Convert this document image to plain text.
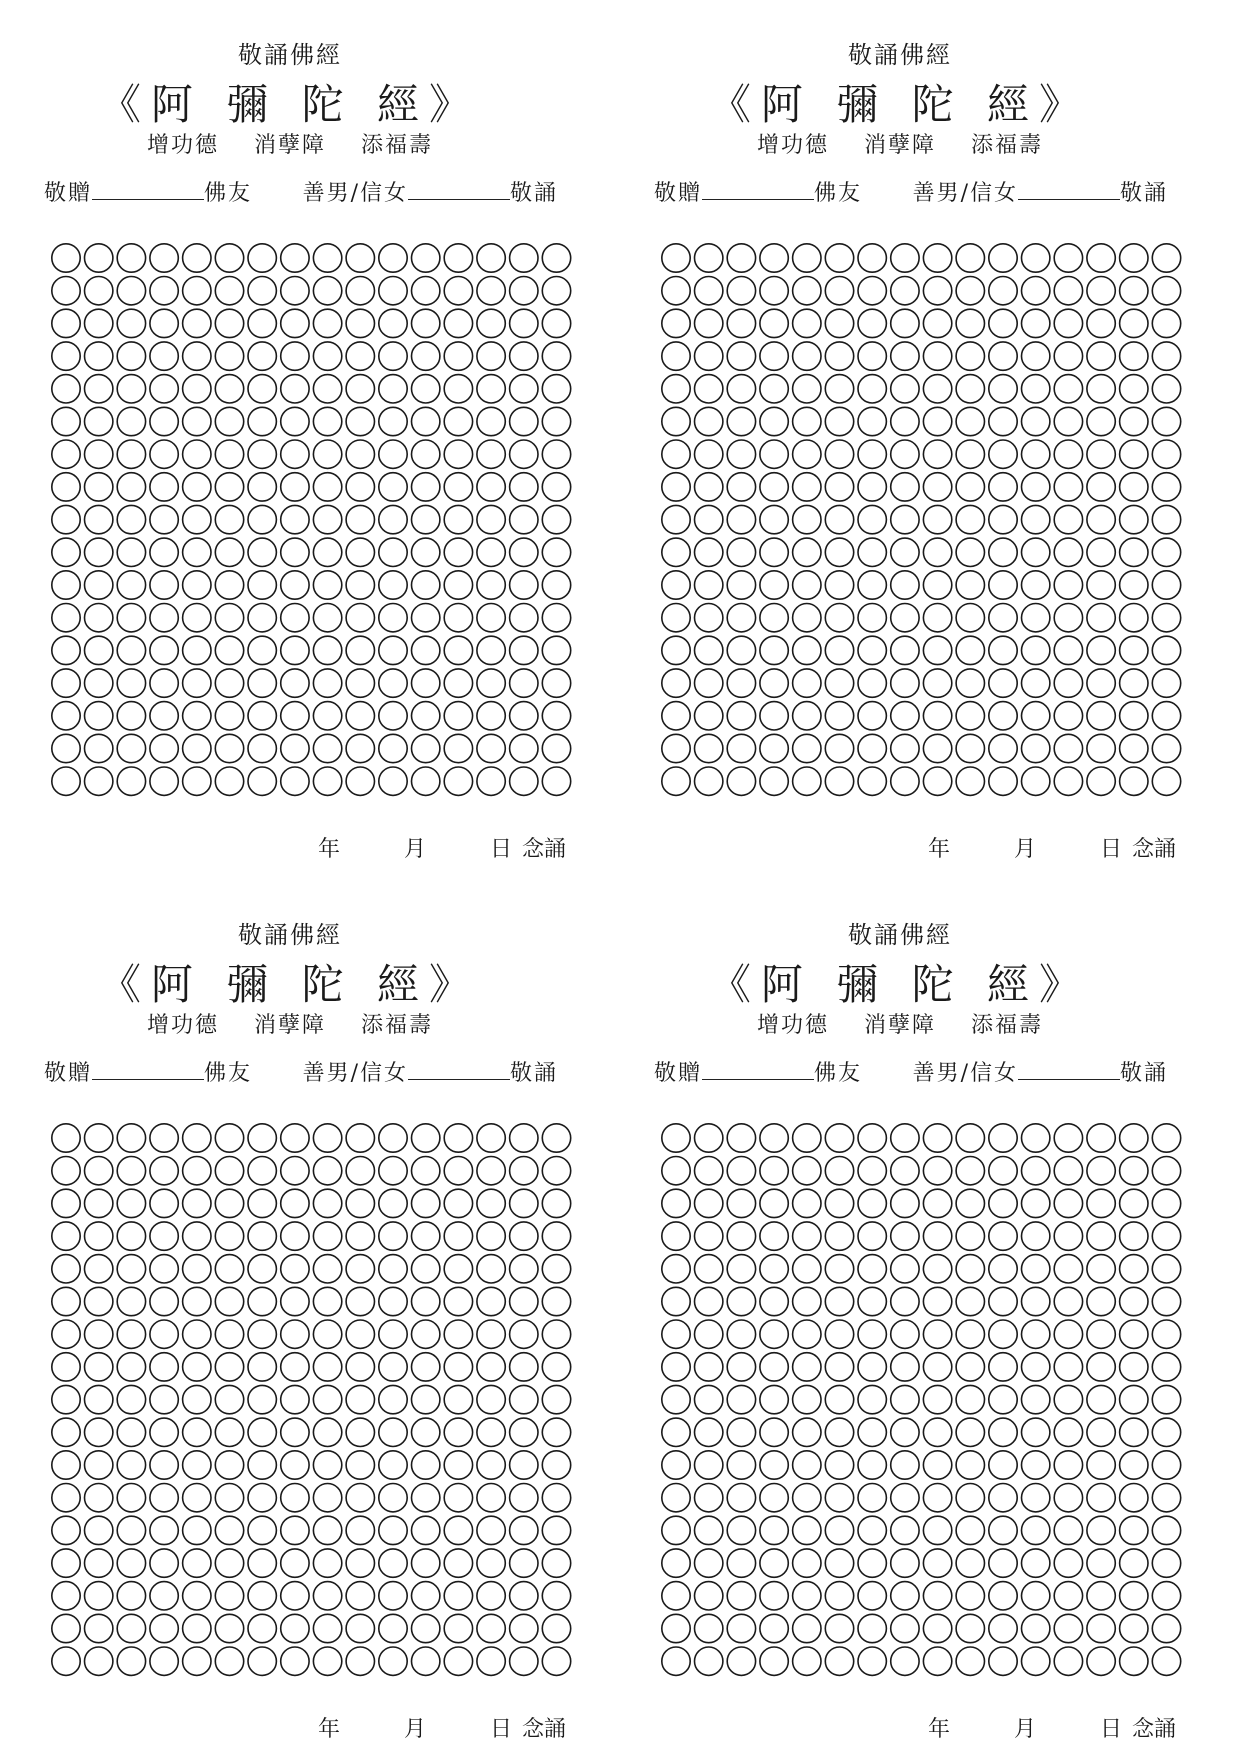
敬誦佛經
《阿 彌 陀 經》
增功德 消孽障 添福壽
敬贈	佛友 善男/信女	敬誦
年	月	日 念誦
敬誦佛經
《阿 彌 陀 經》
增功德 消孽障 添福壽
敬贈	佛友 善男/信女	敬誦
年	月	日 念誦
敬誦佛經
《阿 彌 陀 經》
增功德 消孽障 添福壽
敬贈	佛友 善男/信女	敬誦
年	月	日 念誦
敬誦佛經
《阿 彌 陀 經》
增功德 消孽障 添福壽
敬贈	佛友 善男/信女	敬誦
年	月	日 念誦
